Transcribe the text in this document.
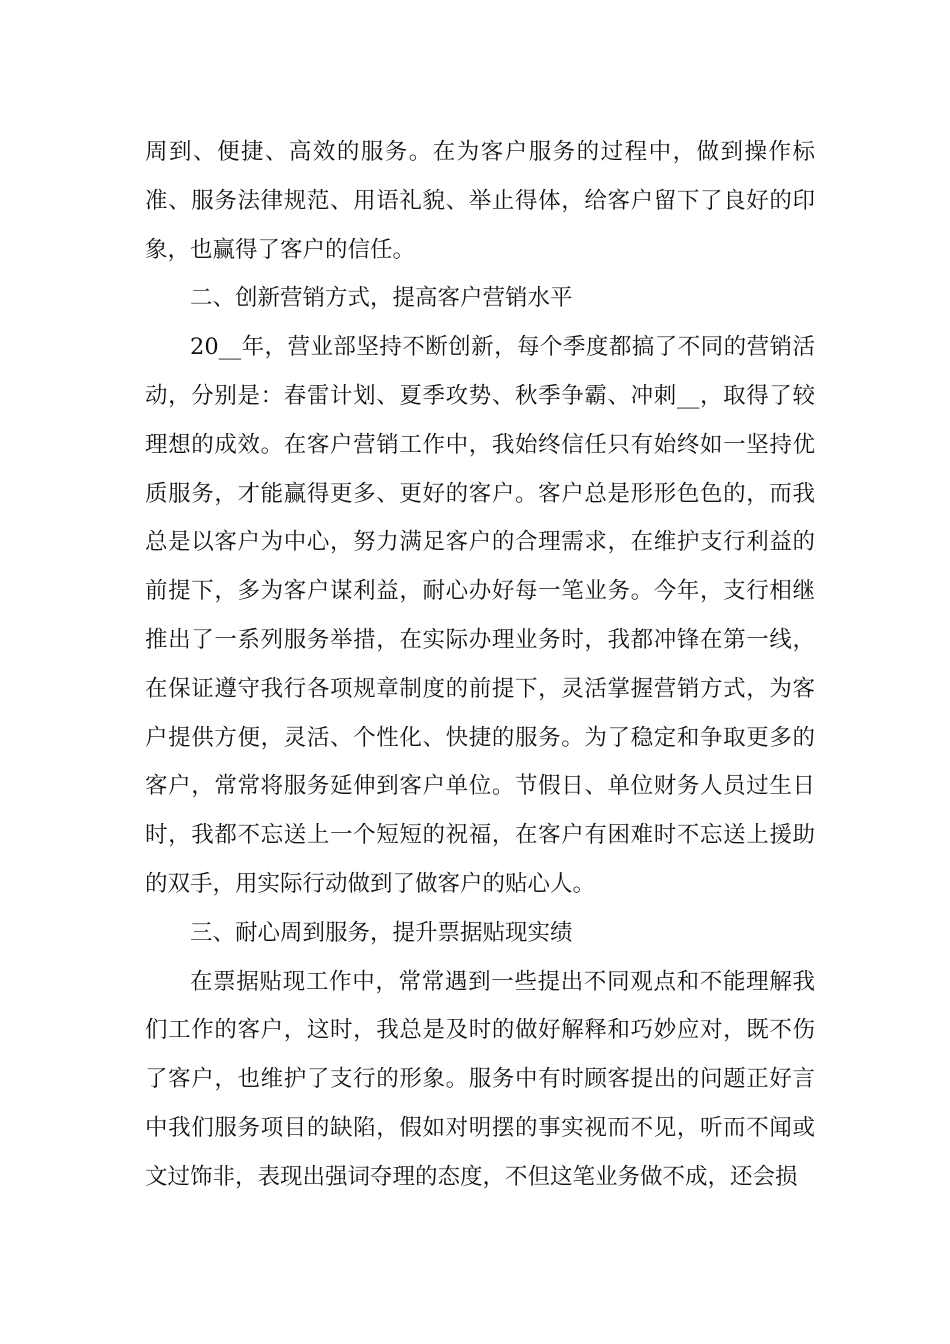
周到、便捷、高效的服务。在为客户服务的过程中，做到操作标准、服务法律规范、用语礼貌、举止得体，给客户留下了良好的印象，也赢得了客户的信任。

二、创新营销方式，提高客户营销水平

20__年，营业部坚持不断创新，每个季度都搞了不同的营销活动，分别是：春雷计划、夏季攻势、秋季争霸、冲刺__，取得了较理想的成效。在客户营销工作中，我始终信任只有始终如一坚持优质服务，才能赢得更多、更好的客户。客户总是形形色色的，而我总是以客户为中心，努力满足客户的合理需求，在维护支行利益的前提下，多为客户谋利益，耐心办好每一笔业务。今年，支行相继推出了一系列服务举措，在实际办理业务时，我都冲锋在第一线，在保证遵守我行各项规章制度的前提下，灵活掌握营销方式，为客户提供方便，灵活、个性化、快捷的服务。为了稳定和争取更多的客户，常常将服务延伸到客户单位。节假日、单位财务人员过生日时，我都不忘送上一个短短的祝福，在客户有困难时不忘送上援助的双手，用实际行动做到了做客户的贴心人。

三、耐心周到服务，提升票据贴现实绩

在票据贴现工作中，常常遇到一些提出不同观点和不能理解我们工作的客户，这时，我总是及时的做好解释和巧妙应对，既不伤了客户，也维护了支行的形象。服务中有时顾客提出的问题正好言中我们服务项目的缺陷，假如对明摆的事实视而不见，听而不闻或文过饰非，表现出强词夺理的态度，不但这笔业务做不成，还会损
